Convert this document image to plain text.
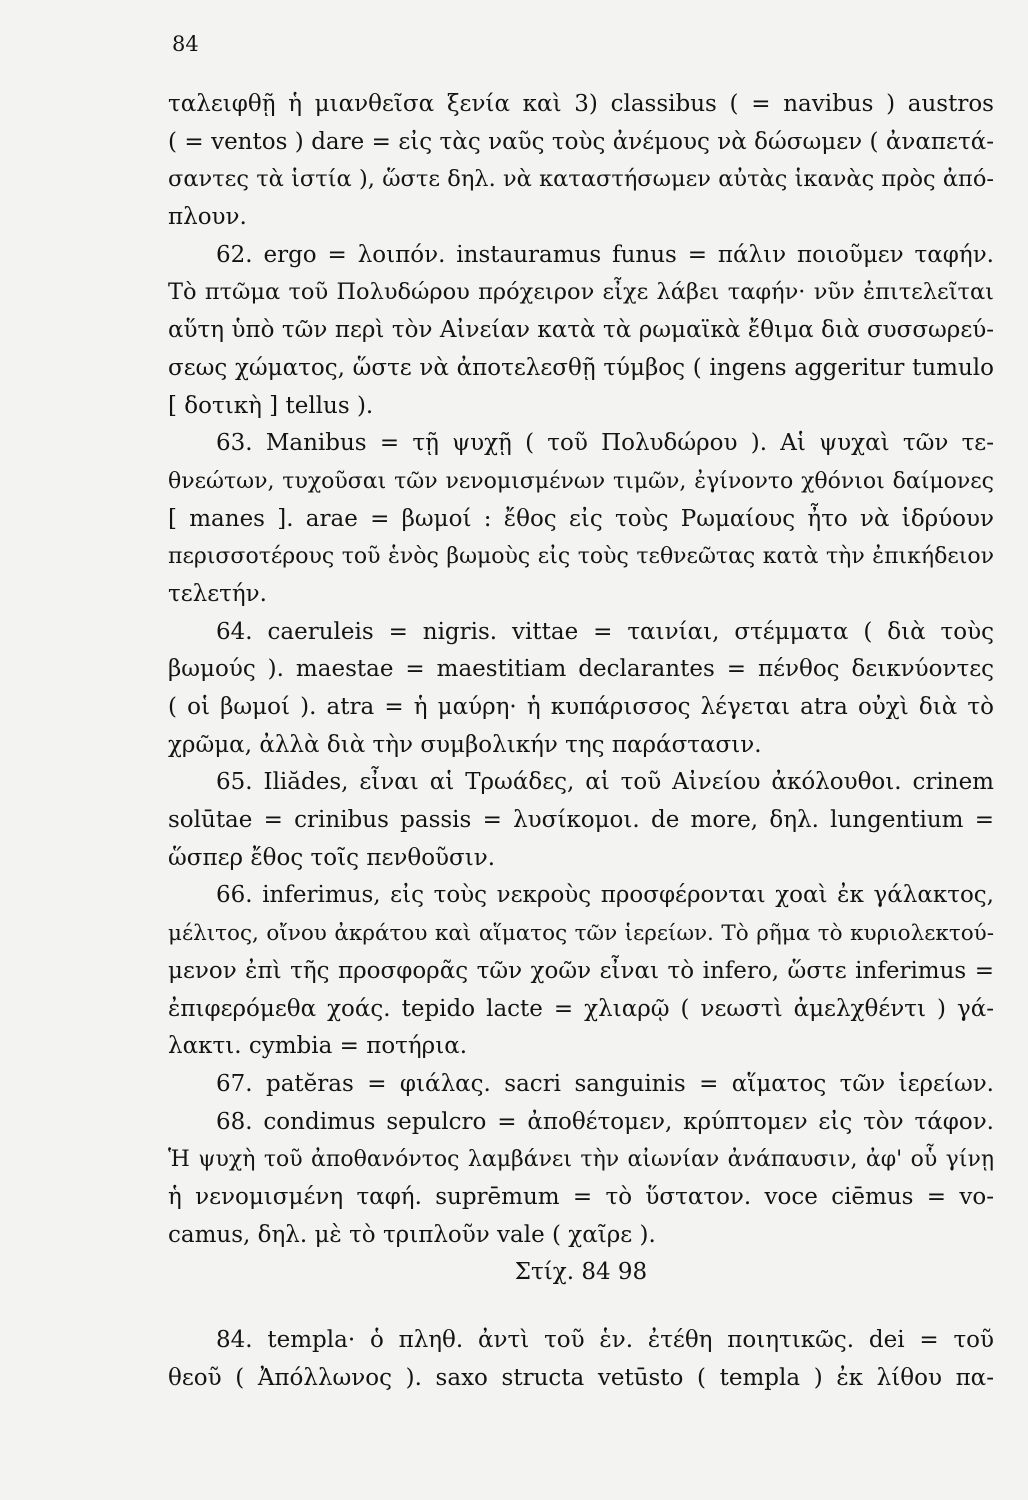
84
ταλειφθῇ ἡ μιανθεῖσα ξενία καὶ 3) classibus ( = navibus ) austros
( = ventos ) dare = εἰς τὰς ναῦς τοὺς ἀνέμους νὰ δώσωμεν ( ἀναπετά-
σαντες τὰ ἱστία ), ὥστε δηλ. νὰ καταστήσωμεν αὐτὰς ἱκανὰς πρὸς ἀπό-
πλουν.
62. ergo = λοιπόν. instauramus funus = πάλιν ποιοῦμεν ταφήν.
Τὸ πτῶμα τοῦ Πολυδώρου πρόχειρον εἶχε λάβει ταφήν· νῦν ἐπιτελεῖται
αὕτη ὑπὸ τῶν περὶ τὸν Αἰνείαν κατὰ τὰ ρωμαϊκὰ ἔθιμα διὰ συσσωρεύ-
σεως χώματος, ὥστε νὰ ἀποτελεσθῇ τύμβος ( ingens aggeritur tumulo
[ δοτικὴ ] tellus ).
63. Manibus = τῇ ψυχῇ ( τοῦ Πολυδώρου ). Αἱ ψυχαὶ τῶν τε-
θνεώτων, τυχοῦσαι τῶν νενομισμένων τιμῶν, ἐγίνοντο χθόνιοι δαίμονες
[ manes ]. arae = βωμοί : ἔθος εἰς τοὺς Ρωμαίους ἦτο νὰ ἱδρύουν
περισσοτέρους τοῦ ἑνὸς βωμοὺς εἰς τοὺς τεθνεῶτας κατὰ τὴν ἐπικήδειον
τελετήν.
64. caeruleis = nigris. vittae = ταινίαι, στέμματα ( διὰ τοὺς
βωμούς ). maestae = maestitiam declarantes = πένθος δεικνύοντες
( οἱ βωμοί ). atra = ἡ μαύρη· ἡ κυπάρισσος λέγεται atra οὐχὶ διὰ τὸ
χρῶμα, ἀλλὰ διὰ τὴν συμβολικήν της παράστασιν.
65. Iliădes, εἶναι αἱ Τρωάδες, αἱ τοῦ Αἰνείου ἀκόλουθοι. crinem
solūtae = crinibus passis = λυσίκομοι. de more, δηλ. lungentium =
ὥσπερ ἔθος τοῖς πενθοῦσιν.
66. inferimus, εἰς τοὺς νεκροὺς προσφέρονται χοαὶ ἐκ γάλακτος,
μέλιτος, οἴνου ἀκράτου καὶ αἵματος τῶν ἱερείων. Τὸ ρῆμα τὸ κυριολεκτού-
μενον ἐπὶ τῆς προσφορᾶς τῶν χοῶν εἶναι τὸ infero, ὥστε inferimus =
ἐπιφερόμεθα χοάς. tepido lacte = χλιαρῷ ( νεωστὶ ἀμελχθέντι ) γά-
λακτι. cymbia = ποτήρια.
67. patĕras = φιάλας. sacri sanguinis = αἵματος τῶν ἱερείων.
68. condimus sepulcro = ἀποθέτομεν, κρύπτομεν εἰς τὸν τάφον.
Ἡ ψυχὴ τοῦ ἀποθανόντος λαμβάνει τὴν αἰωνίαν ἀνάπαυσιν, ἀφ' οὗ γίνῃ
ἡ νενομισμένη ταφή. suprēmum = τὸ ὕστατον. voce ciēmus = vo-
camus, δηλ. μὲ τὸ τριπλοῦν vale ( χαῖρε ).
Στίχ. 84 98
84. templa· ὁ πληθ. ἀντὶ τοῦ ἑν. ἐτέθη ποιητικῶς. dei = τοῦ
θεοῦ ( Ἀπόλλωνος ). saxo structa vetūsto ( templa ) ἐκ λίθου πα-
